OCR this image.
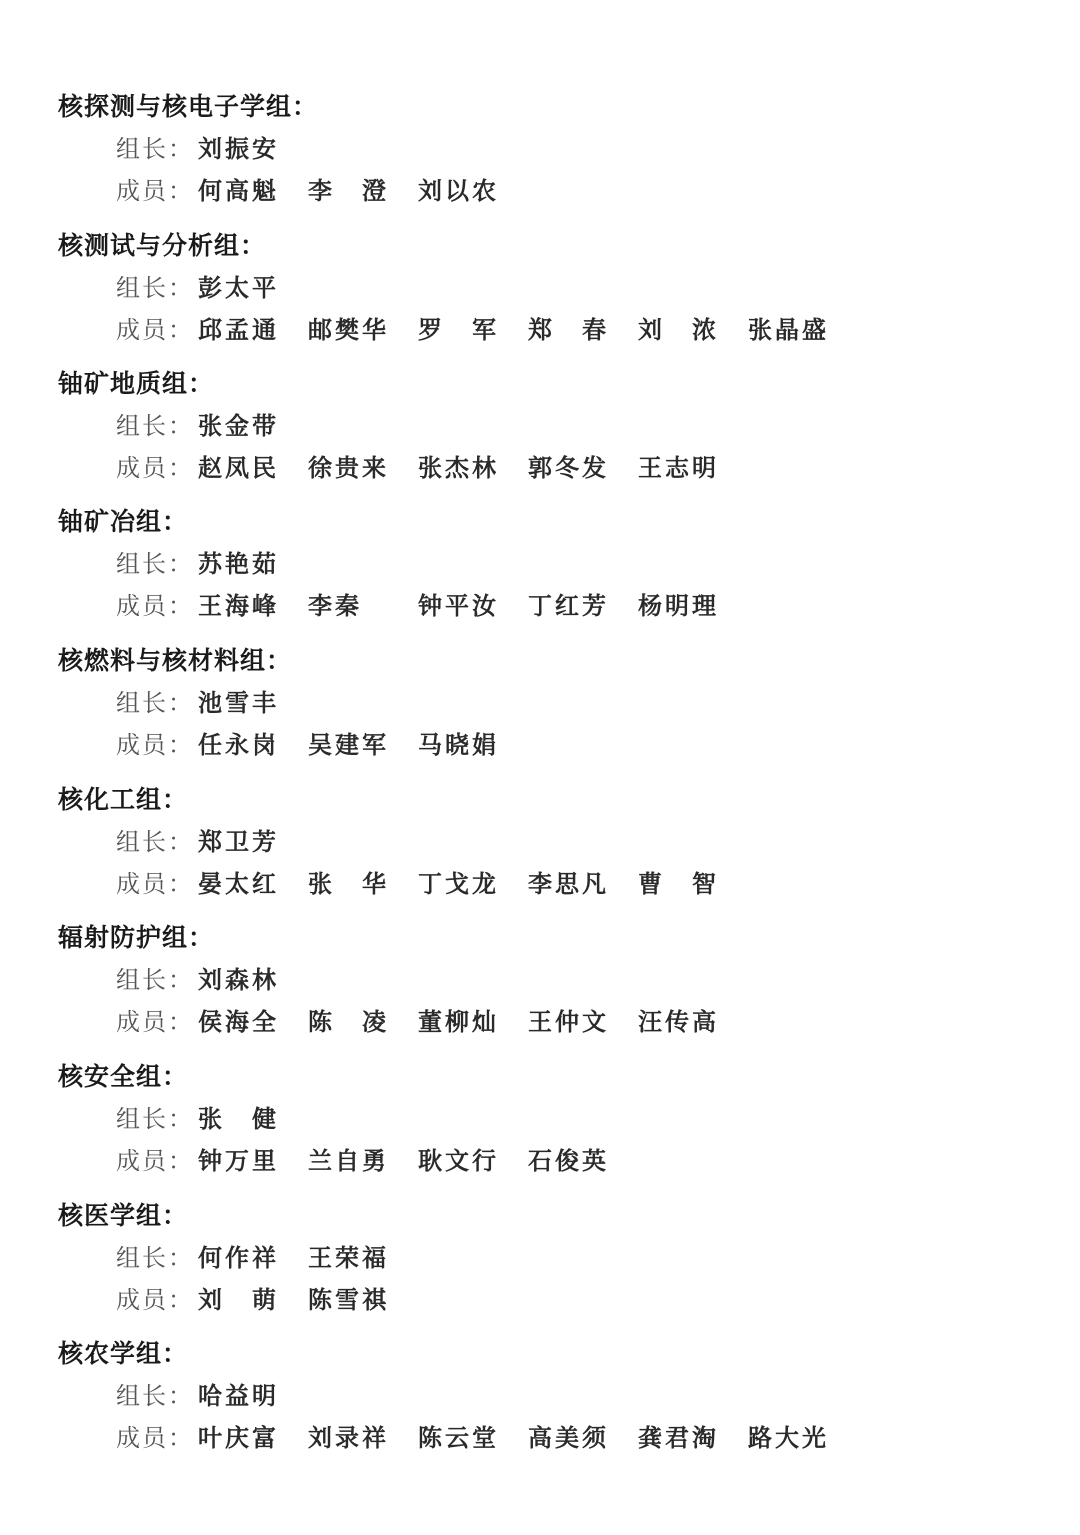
核探测与核电子学组：
组长： 刘振安
成员： 何高魁 李　澄 刘以农
核测试与分析组：
组长： 彭太平
成员： 邱孟通 邮樊华 罗　军 郑　春 刘　浓 张晶盛
铀矿地质组：
组长： 张金带
成员： 赵凤民 徐贵来 张杰林 郭冬发 王志明
铀矿冶组：
组长： 苏艳茹
成员： 王海峰 李秦 钟平汝 丁红芳 杨明理
核燃料与核材料组：
组长： 池雪丰
成员： 任永岗 吴建军 马晓娟
核化工组：
组长： 郑卫芳
成员： 晏太红 张　华 丁戈龙 李思凡 曹　智
辐射防护组：
组长： 刘森林
成员： 侯海全 陈　凌 董柳灿 王仲文 汪传高
核安全组：
组长： 张　健
成员： 钟万里 兰自勇 耿文行 石俊英
核医学组：
组长： 何作祥 王荣福
成员： 刘　萌 陈雪祺
核农学组：
组长： 哈益明
成员： 叶庆富 刘录祥 陈云堂 高美须 龚君淘 路大光
